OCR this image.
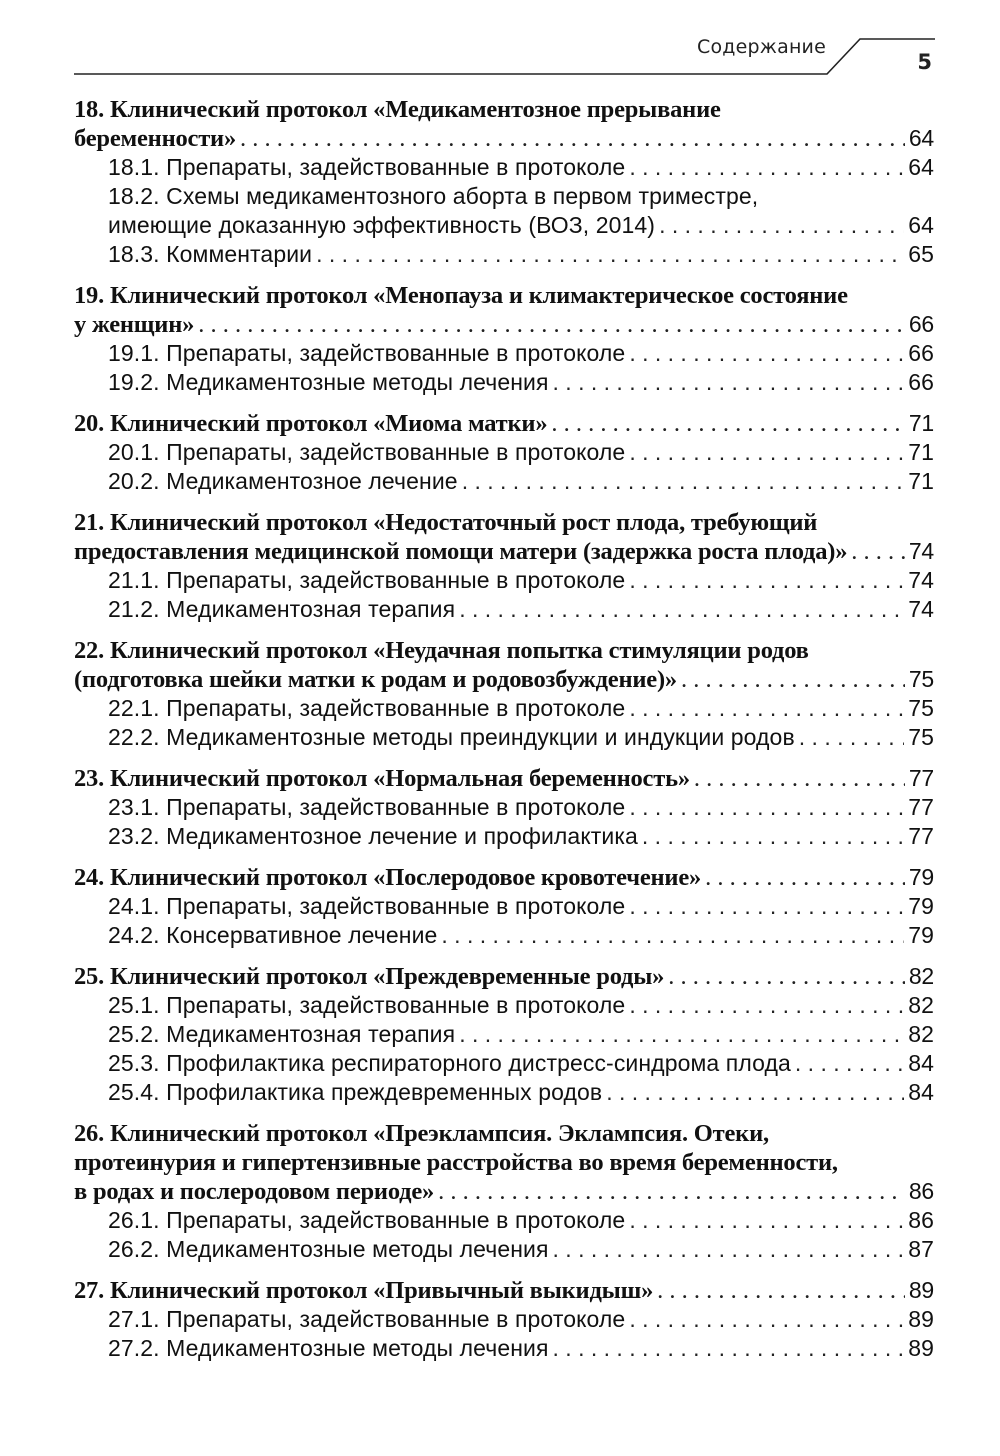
Содержание
5
18. Клинический протокол «Медикаментозное прерывание
беременности» . . .	64
18.1. Препараты, задействованные в протоколе . . .	64
18.2. Схемы медикаментозного аборта в первом триместре,
имеющие доказанную эффективность (ВОЗ, 2014) . . .	64
18.3. Комментарии . . .	65
19. Клинический протокол «Менопауза и климактерическое состояние
у женщин» . . .	66
19.1. Препараты, задействованные в протоколе . . .	66
19.2. Медикаментозные методы лечения . . .	66
20. Клинический протокол «Миома матки» . . .	71
20.1. Препараты, задействованные в протоколе . . .	71
20.2. Медикаментозное лечение . . .	71
21. Клинический протокол «Недостаточный рост плода, требующий
предоставления медицинской помощи матери (задержка роста плода)» . . .	74
21.1. Препараты, задействованные в протоколе . . .	74
21.2. Медикаментозная терапия . . .	74
22. Клинический протокол «Неудачная попытка стимуляции родов
(подготовка шейки матки к родам и родовозбуждение)» . . .	75
22.1. Препараты, задействованные в протоколе . . .	75
22.2. Медикаментозные методы преиндукции и индукции родов . . .	75
23. Клинический протокол «Нормальная беременность» . . .	77
23.1. Препараты, задействованные в протоколе . . .	77
23.2. Медикаментозное лечение и профилактика . . .	77
24. Клинический протокол «Послеродовое кровотечение» . . .	79
24.1. Препараты, задействованные в протоколе . . .	79
24.2. Консервативное лечение . . .	79
25. Клинический протокол «Преждевременные роды» . . .	82
25.1. Препараты, задействованные в протоколе . . .	82
25.2. Медикаментозная терапия . . .	82
25.3. Профилактика респираторного дистресс-синдрома плода . . .	84
25.4. Профилактика преждевременных родов . . .	84
26. Клинический протокол «Преэклампсия. Эклампсия. Отеки,
протеинурия и гипертензивные расстройства во время беременности,
в родах и послеродовом периоде» . . .	86
26.1. Препараты, задействованные в протоколе . . .	86
26.2. Медикаментозные методы лечения . . .	87
27. Клинический протокол «Привычный выкидыш» . . .	89
27.1. Препараты, задействованные в протоколе . . .	89
27.2. Медикаментозные методы лечения . . .	89
